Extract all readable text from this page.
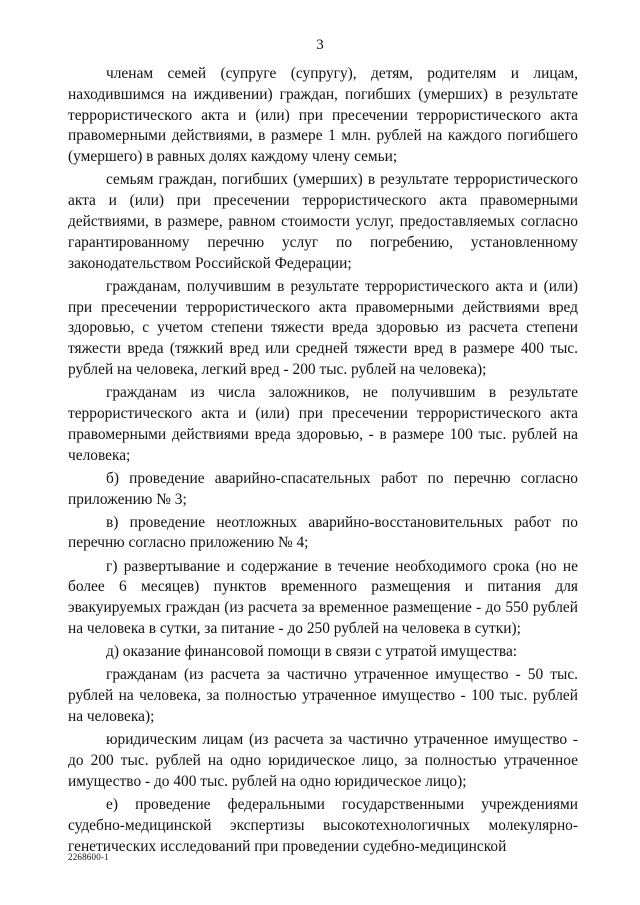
3

членам семей (супруге (супругу), детям, родителям и лицам, находившимся на иждивении) граждан, погибших (умерших) в результате террористического акта и (или) при пресечении террористического акта правомерными действиями, в размере 1 млн. рублей на каждого погибшего (умершего) в равных долях каждому члену семьи;

семьям граждан, погибших (умерших) в результате террористического акта и (или) при пресечении террористического акта правомерными действиями, в размере, равном стоимости услуг, предоставляемых согласно гарантированному перечню услуг по погребению, установленному законодательством Российской Федерации;

гражданам, получившим в результате террористического акта и (или) при пресечении террористического акта правомерными действиями вред здоровью, с учетом степени тяжести вреда здоровью из расчета степени тяжести вреда (тяжкий вред или средней тяжести вред в размере 400 тыс. рублей на человека, легкий вред - 200 тыс. рублей на человека);

гражданам из числа заложников, не получившим в результате террористического акта и (или) при пресечении террористического акта правомерными действиями вреда здоровью, - в размере 100 тыс. рублей на человека;

б) проведение аварийно-спасательных работ по перечню согласно приложению № 3;

в) проведение неотложных аварийно-восстановительных работ по перечню согласно приложению № 4;

г) развертывание и содержание в течение необходимого срока (но не более 6 месяцев) пунктов временного размещения и питания для эвакуируемых граждан (из расчета за временное размещение - до 550 рублей на человека в сутки, за питание - до 250 рублей на человека в сутки);

д) оказание финансовой помощи в связи с утратой имущества:

гражданам (из расчета за частично утраченное имущество - 50 тыс. рублей на человека, за полностью утраченное имущество - 100 тыс. рублей на человека);

юридическим лицам (из расчета за частично утраченное имущество - до 200 тыс. рублей на одно юридическое лицо, за полностью утраченное имущество - до 400 тыс. рублей на одно юридическое лицо);

е) проведение федеральными государственными учреждениями судебно-медицинской экспертизы высокотехнологичных молекулярно-генетических исследований при проведении судебно-медицинской

2268600-1
